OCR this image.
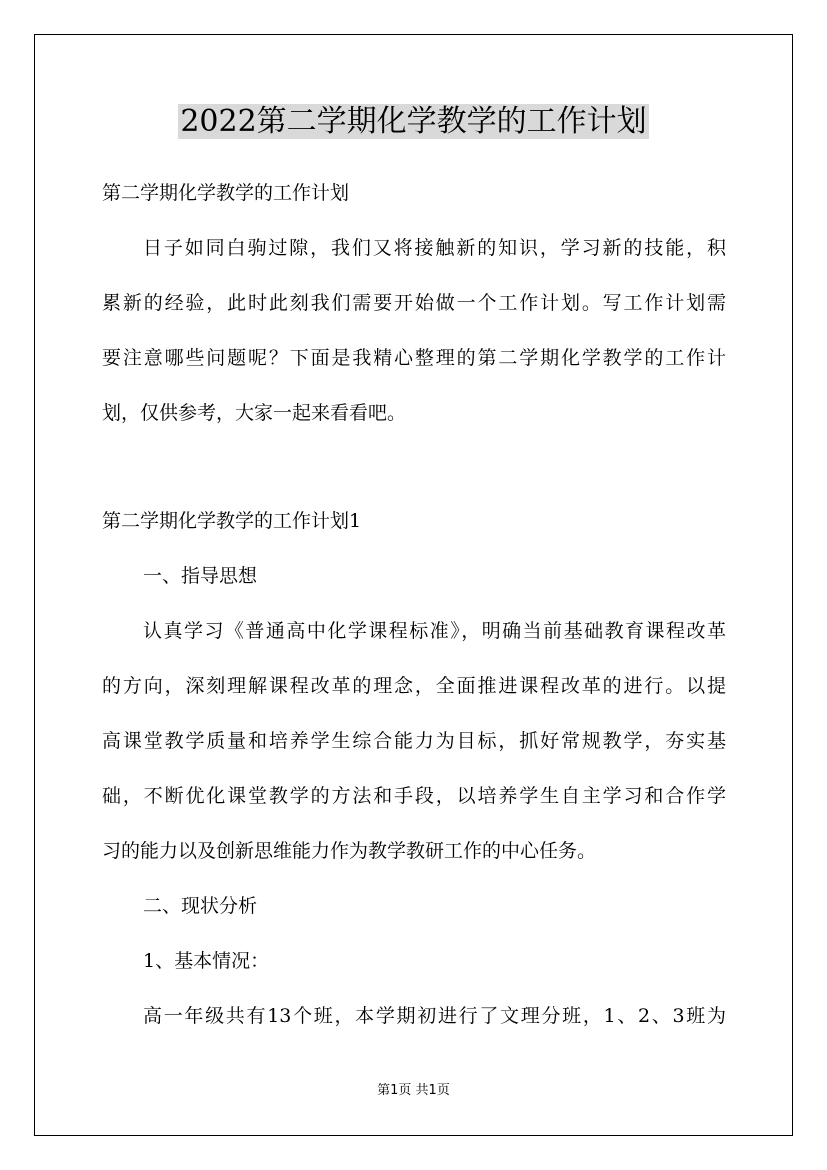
2022第二学期化学教学的工作计划
第二学期化学教学的工作计划
日子如同白驹过隙，我们又将接触新的知识，学习新的技能，积
累新的经验，此时此刻我们需要开始做一个工作计划。写工作计划需
要注意哪些问题呢？下面是我精心整理的第二学期化学教学的工作计
划，仅供参考，大家一起来看看吧。
第二学期化学教学的工作计划1
一、指导思想
认真学习《普通高中化学课程标准》，明确当前基础教育课程改革
的方向，深刻理解课程改革的理念，全面推进课程改革的进行。以提
高课堂教学质量和培养学生综合能力为目标，抓好常规教学，夯实基
础，不断优化课堂教学的方法和手段，以培养学生自主学习和合作学
习的能力以及创新思维能力作为教学教研工作的中心任务。
二、现状分析
1、基本情况：
高一年级共有13个班，本学期初进行了文理分班，1、2、3班为
第1页 共1页
